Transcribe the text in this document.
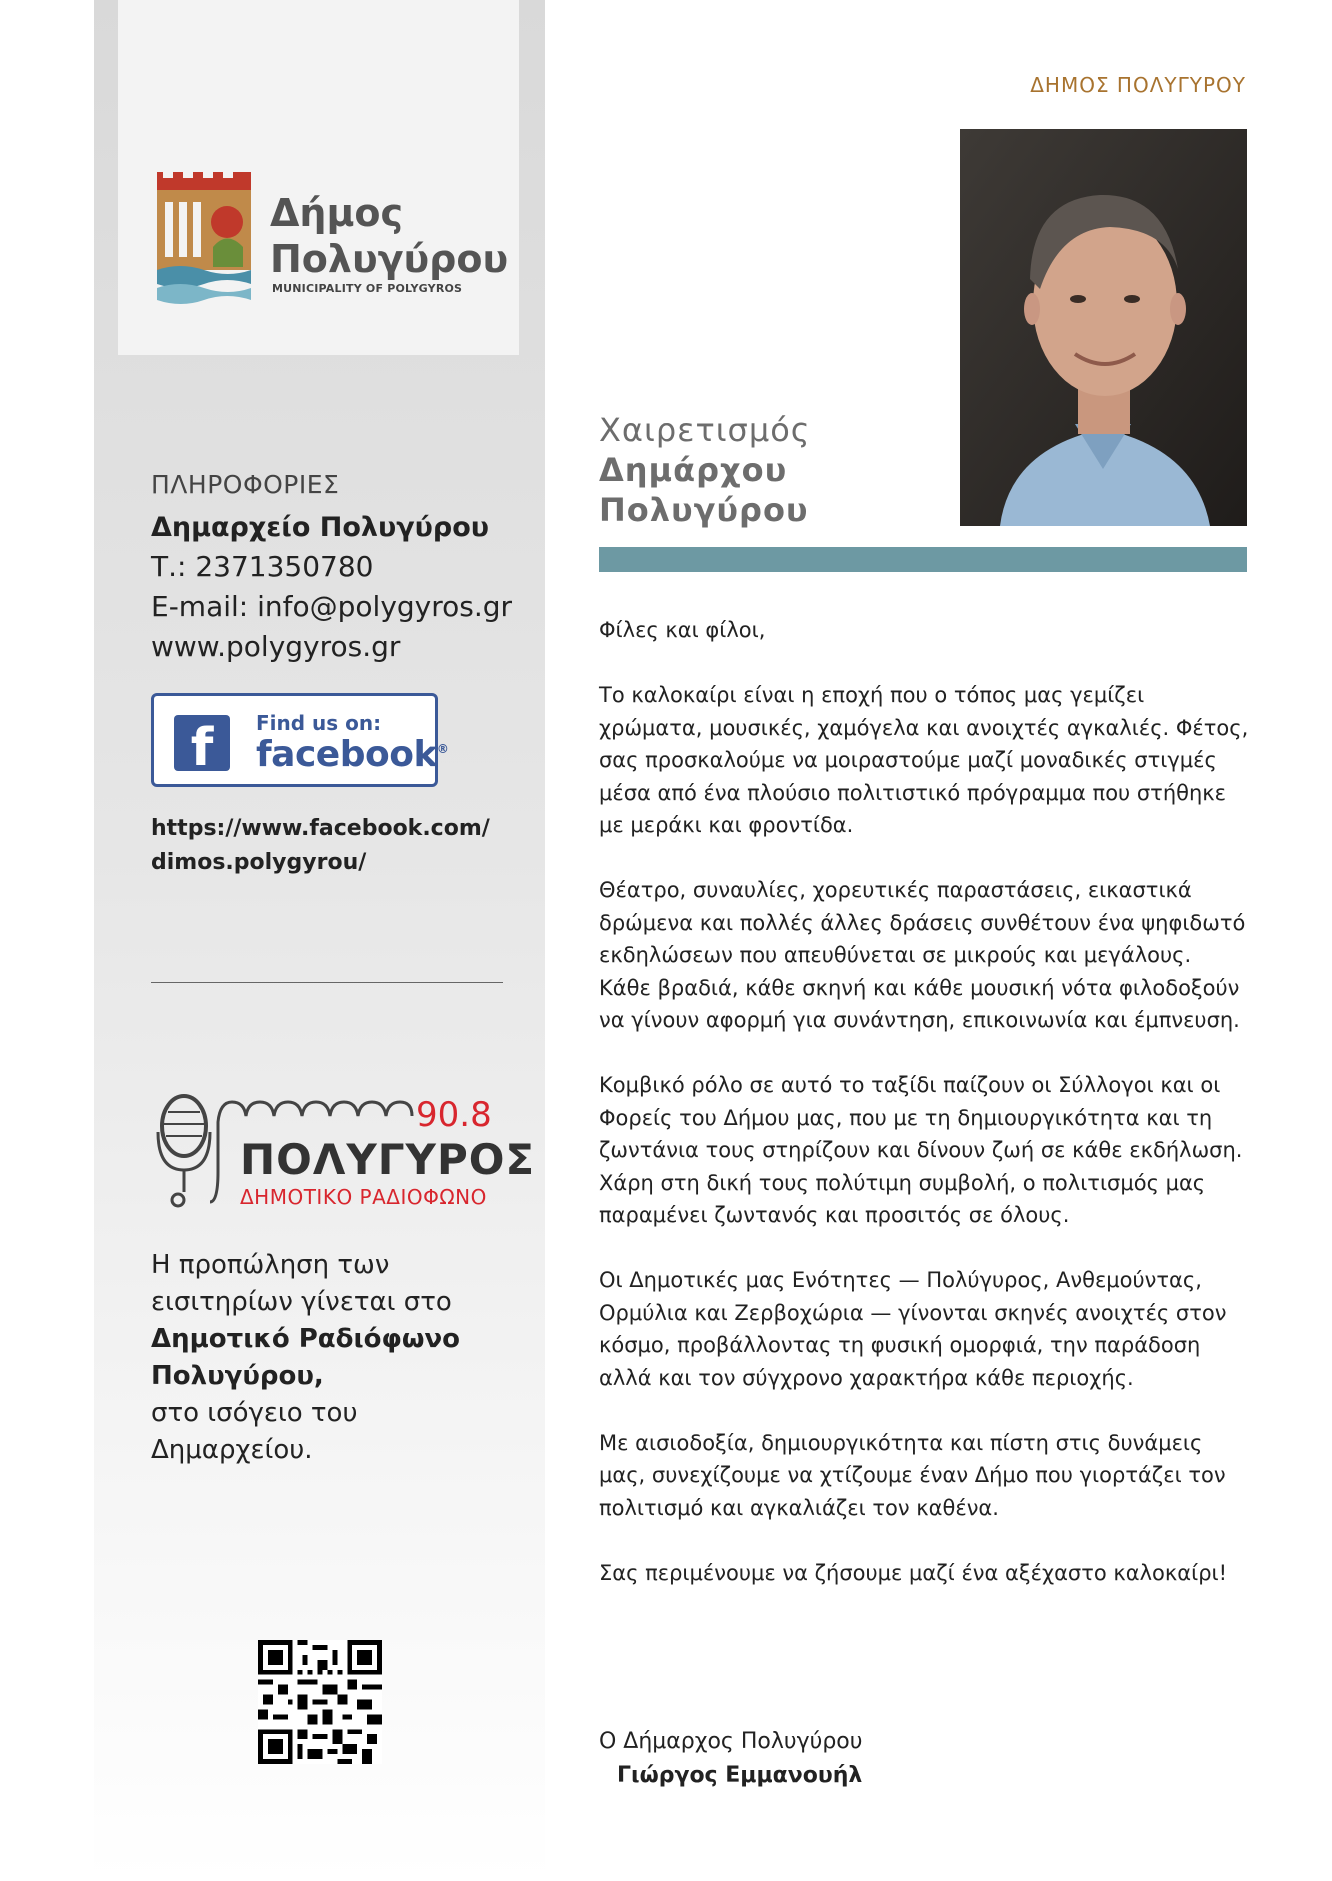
Δήμος
Πολυγύρου
MUNICIPALITY OF POLYGYROS
ΠΛΗΡΟΦΟΡΙΕΣ
Δημαρχείο Πολυγύρου
Τ.: 2371350780
E-mail: info@polygyros.gr
www.polygyros.gr
f	Find us on:
facebook®
https://www.facebook.com/
dimos.polygyrou/
90.8
ΠΟΛΥΓΥΡΟΣ
ΔΗΜΟΤΙΚΟ ΡΑΔΙΟΦΩΝΟ
Η προπώληση των
εισιτηρίων γίνεται στο
Δημοτικό Ραδιόφωνο
Πολυγύρου,
στο ισόγειο του
Δημαρχείου.
ΔΗΜΟΣ ΠΟΛΥΓΥΡΟΥ
Χαιρετισμός
Δημάρχου
Πολυγύρου

Φίλες και φίλοι,

Το καλοκαίρι είναι η εποχή που ο τόπος μας γεμίζει χρώματα, μουσικές, χαμόγελα και ανοιχτές αγκαλιές. Φέτος, σας προσκαλούμε να μοιραστούμε μαζί μοναδικές στιγμές μέσα από ένα πλούσιο πολιτιστικό πρόγραμμα που στήθηκε με μεράκι και φροντίδα.

Θέατρο, συναυλίες, χορευτικές παραστάσεις, εικαστικά δρώμενα και πολλές άλλες δράσεις συνθέτουν ένα ψηφιδωτό εκδηλώσεων που απευθύνεται σε μικρούς και μεγάλους. Κάθε βραδιά, κάθε σκηνή και κάθε μουσική νότα φιλοδοξούν να γίνουν αφορμή για συνάντηση, επικοινωνία και έμπνευση.

Κομβικό ρόλο σε αυτό το ταξίδι παίζουν οι Σύλλογοι και οι Φορείς του Δήμου μας, που με τη δημιουργικότητα και τη ζωντάνια τους στηρίζουν και δίνουν ζωή σε κάθε εκδήλωση. Χάρη στη δική τους πολύτιμη συμβολή, ο πολιτισμός μας παραμένει ζωντανός και προσιτός σε όλους.

Οι Δημοτικές μας Ενότητες — Πολύγυρος, Ανθεμούντας, Ορμύλια και Ζερβοχώρια — γίνονται σκηνές ανοιχτές στον κόσμο, προβάλλοντας τη φυσική ομορφιά, την παράδοση αλλά και τον σύγχρονο χαρακτήρα κάθε περιοχής.

Με αισιοδοξία, δημιουργικότητα και πίστη στις δυνάμεις μας, συνεχίζουμε να χτίζουμε έναν Δήμο που γιορτάζει τον πολιτισμό και αγκαλιάζει τον καθένα.

Σας περιμένουμε να ζήσουμε μαζί ένα αξέχαστο καλοκαίρι!

Ο Δήμαρχος Πολυγύρου
Γιώργος Εμμανουήλ
